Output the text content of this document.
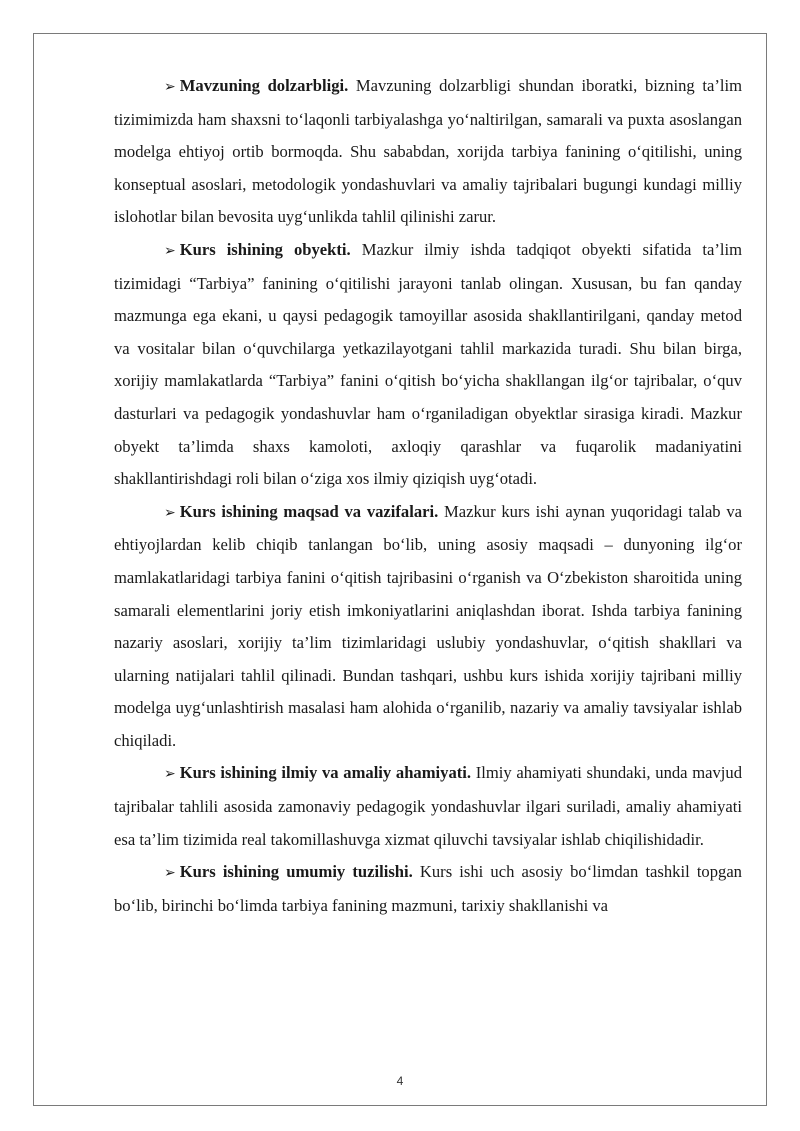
➢ Mavzuning dolzarbligi. Mavzuning dolzarbligi shundan iboratki, bizning ta’lim tizimimizda ham shaxsni to‘laqonli tarbiyalashga yo‘naltirilgan, samarali va puxta asoslangan modelga ehtiyoj ortib bormoqda. Shu sababdan, xorijda tarbiya fanining o‘qitilishi, uning konseptual asoslari, metodologik yondashuvlari va amaliy tajribalari bugungi kundagi milliy islohotlar bilan bevosita uyg‘unlikda tahlil qilinishi zarur.

➢ Kurs ishining obyekti. Mazkur ilmiy ishda tadqiqot obyekti sifatida ta’lim tizimidagi “Tarbiya” fanining o‘qitilishi jarayoni tanlab olingan. Xususan, bu fan qanday mazmunga ega ekani, u qaysi pedagogik tamoyillar asosida shakllantirilgani, qanday metod va vositalar bilan o‘quvchilarga yetkazilayotgani tahlil markazida turadi. Shu bilan birga, xorijiy mamlakatlarda “Tarbiya” fanini o‘qitish bo‘yicha shakllangan ilg‘or tajribalar, o‘quv dasturlari va pedagogik yondashuvlar ham o‘rganiladigan obyektlar sirasiga kiradi. Mazkur obyekt ta’limda shaxs kamoloti, axloqiy qarashlar va fuqarolik madaniyatini shakllantirishdagi roli bilan o‘ziga xos ilmiy qiziqish uyg‘otadi.

➢ Kurs ishining maqsad va vazifalari. Mazkur kurs ishi aynan yuqoridagi talab va ehtiyojlardan kelib chiqib tanlangan bo‘lib, uning asosiy maqsadi – dunyoning ilg‘or mamlakatlaridagi tarbiya fanini o‘qitish tajribasini o‘rganish va O‘zbekiston sharoitida uning samarali elementlarini joriy etish imkoniyatlarini aniqlashdan iborat. Ishda tarbiya fanining nazariy asoslari, xorijiy ta’lim tizimlaridagi uslubiy yondashuvlar, o‘qitish shakllari va ularning natijalari tahlil qilinadi. Bundan tashqari, ushbu kurs ishida xorijiy tajribani milliy modelga uyg‘unlashtirish masalasi ham alohida o‘rganilib, nazariy va amaliy tavsiyalar ishlab chiqiladi.

➢ Kurs ishining ilmiy va amaliy ahamiyati. Ilmiy ahamiyati shundaki, unda mavjud tajribalar tahlili asosida zamonaviy pedagogik yondashuvlar ilgari suriladi, amaliy ahamiyati esa ta’lim tizimida real takomillashuvga xizmat qiluvchi tavsiyalar ishlab chiqilishidadir.

➢ Kurs ishining umumiy tuzilishi. Kurs ishi uch asosiy bo‘limdan tashkil topgan bo‘lib, birinchi bo‘limda tarbiya fanining mazmuni, tarixiy shakllanishi va

4
